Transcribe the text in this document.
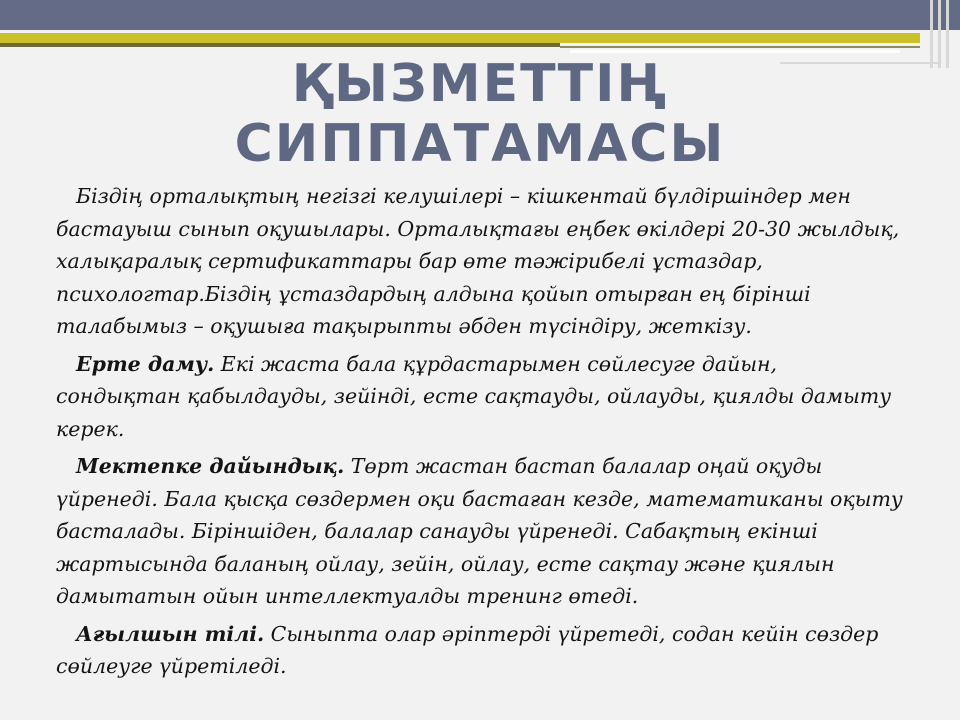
ҚЫЗМЕТТІҢ
СИППАТАМАСЫ

Біздің орталықтың негізгі келушілері – кішкентай бүлдіршіндер мен бастауыш сынып оқушылары. Орталықтағы еңбек өкілдері 20-30 жылдық, халықаралық сертификаттары бар өте тәжірибелі ұстаздар, психологтар.Біздің ұстаздардың алдына қойып отырған ең бірінші талабымыз – оқушыға тақырыпты әбден түсіндіру, жеткізу.

Ерте даму. Екі жаста бала құрдастарымен сөйлесуге дайын, сондықтан қабылдауды, зейінді, есте сақтауды, ойлауды, қиялды дамыту керек.

Мектепке дайындық. Төрт жастан бастап балалар оңай оқуды үйренеді. Бала қысқа сөздермен оқи бастаған кезде, математиканы оқыту басталады. Біріншіден, балалар санауды үйренеді. Сабақтың екінші жартысында баланың ойлау, зейін, ойлау, есте сақтау және қиялын дамытатын ойын интеллектуалды тренинг өтеді.

Ағылшын тілі. Сыныпта олар әріптерді үйретеді, содан кейін сөздер сөйлеуге үйретіледі.
